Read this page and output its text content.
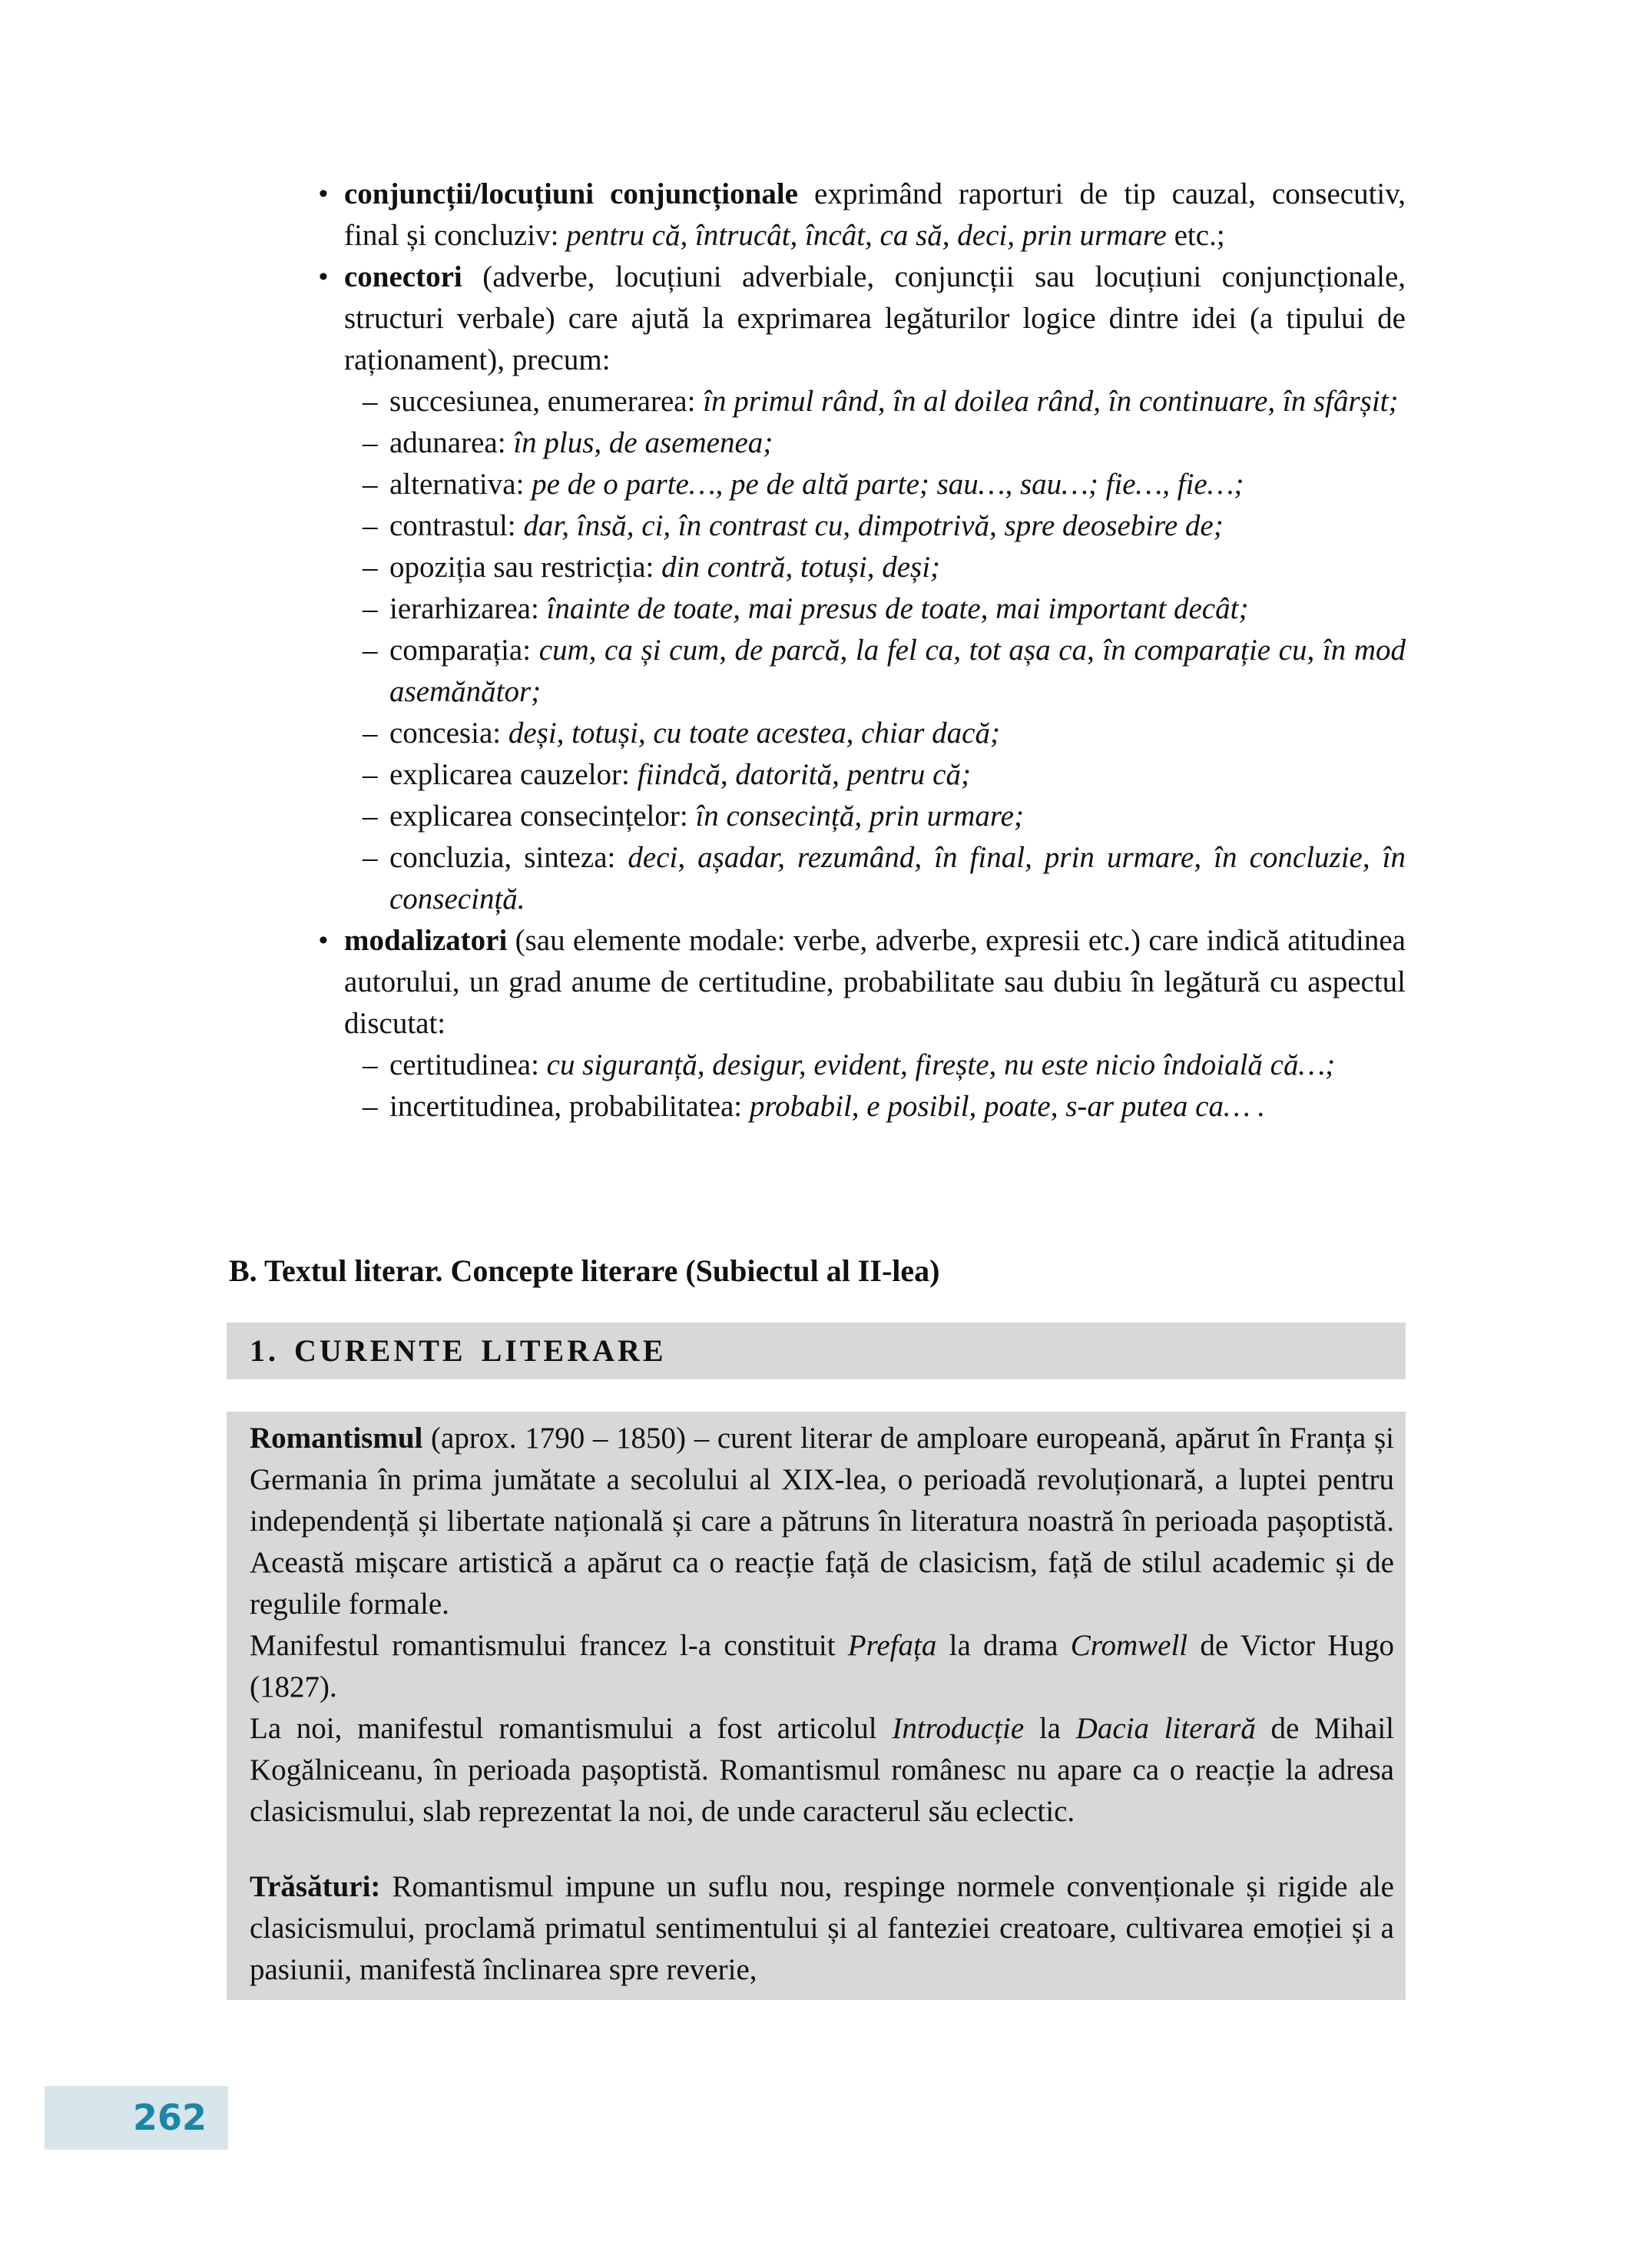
• conjuncții/locuțiuni conjuncționale exprimând raporturi de tip cauzal, consecutiv, final și concluziv: pentru că, întrucât, încât, ca să, deci, prin urmare etc.;
• conectori (adverbe, locuțiuni adverbiale, conjuncții sau locuțiuni conjuncționale, structuri verbale) care ajută la exprimarea legăturilor logice dintre idei (a tipului de raționament), precum:
– succesiunea, enumerarea: în primul rând, în al doilea rând, în continuare, în sfârșit;
– adunarea: în plus, de asemenea;
– alternativa: pe de o parte…, pe de altă parte; sau…, sau…; fie…, fie…;
– contrastul: dar, însă, ci, în contrast cu, dimpotrivă, spre deosebire de;
– opoziția sau restricția: din contră, totuși, deși;
– ierarhizarea: înainte de toate, mai presus de toate, mai important decât;
– comparația: cum, ca și cum, de parcă, la fel ca, tot așa ca, în comparație cu, în mod asemănător;
– concesia: deși, totuși, cu toate acestea, chiar dacă;
– explicarea cauzelor: fiindcă, datorită, pentru că;
– explicarea consecințelor: în consecință, prin urmare;
– concluzia, sinteza: deci, așadar, rezumând, în final, prin urmare, în concluzie, în consecință.
• modalizatori (sau elemente modale: verbe, adverbe, expresii etc.) care indică atitudinea autorului, un grad anume de certitudine, probabilitate sau dubiu în legătură cu aspectul discutat:
– certitudinea: cu siguranță, desigur, evident, firește, nu este nicio îndoială că…;
– incertitudinea, probabilitatea: probabil, e posibil, poate, s-ar putea ca… .
B. Textul literar. Concepte literare (Subiectul al II-lea)
1. CURENTE LITERARE
Romantismul (aprox. 1790 – 1850) – curent literar de amploare europeană, apărut în Franța și Germania în prima jumătate a secolului al XIX-lea, o perioadă revoluționară, a luptei pentru independență și libertate națională și care a pătruns în literatura noastră în perioada pașoptistă. Această mișcare artistică a apărut ca o reacție față de clasicism, față de stilul academic și de regulile formale.
Manifestul romantismului francez l-a constituit Prefața la drama Cromwell de Victor Hugo (1827).
La noi, manifestul romantismului a fost articolul Introducție la Dacia literară de Mihail Kogălniceanu, în perioada pașoptistă. Romantismul românesc nu apare ca o reacție la adresa clasicismului, slab reprezentat la noi, de unde caracterul său eclectic.
Trăsături: Romantismul impune un suflu nou, respinge normele convenționale și rigide ale clasicismului, proclamă primatul sentimentului și al fanteziei creatoare, cultivarea emoției și a pasiunii, manifestă înclinarea spre reverie,
262
